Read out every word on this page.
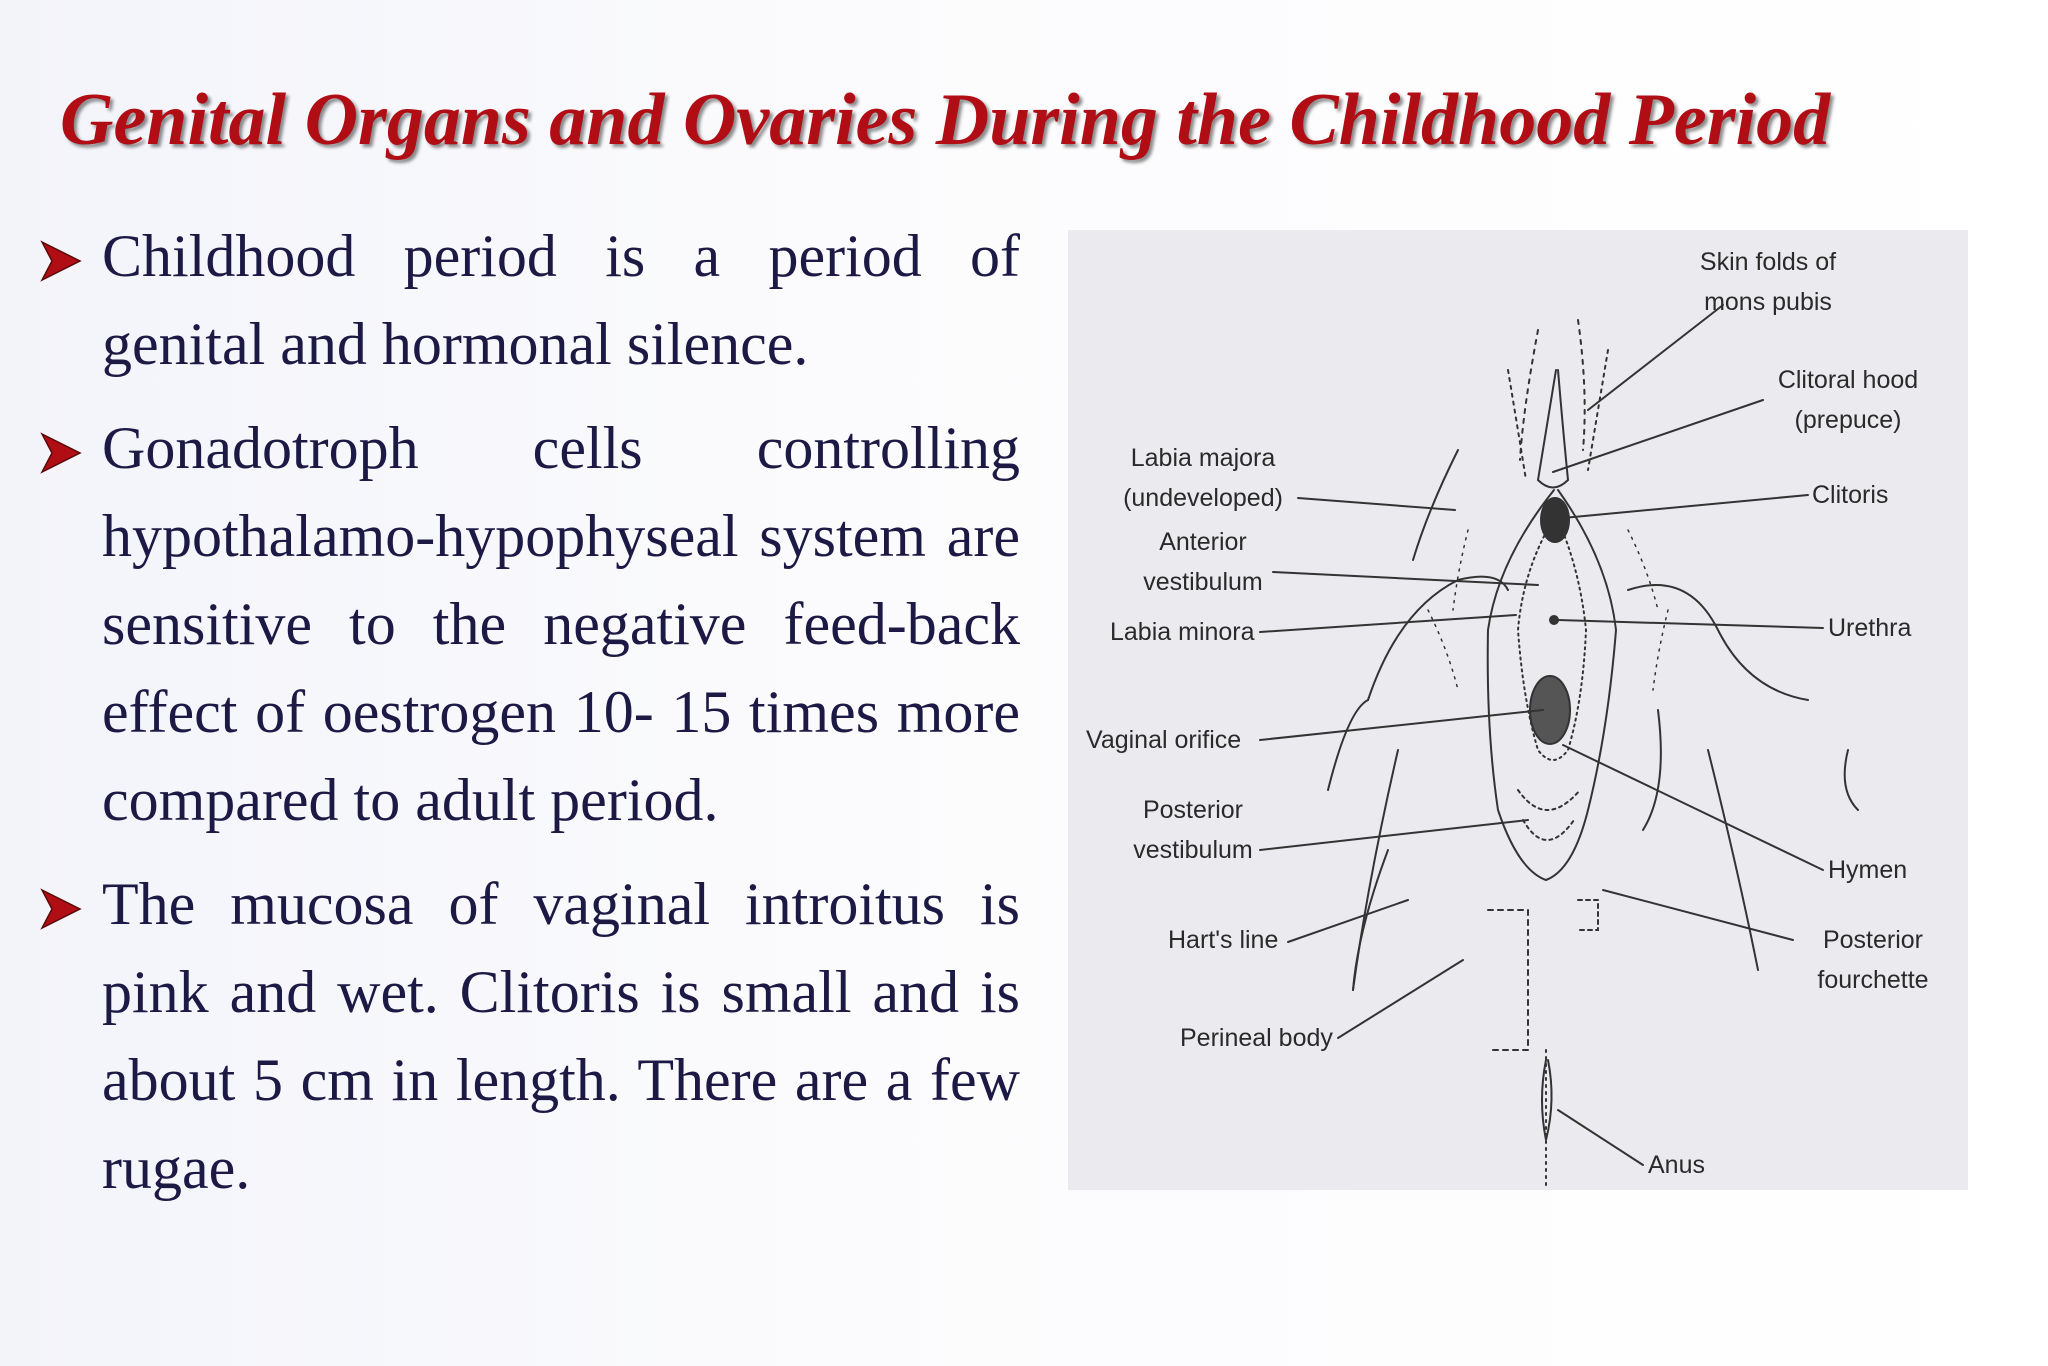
Genital Organs and Ovaries During the Childhood Period
Childhood period is a period of genital and hormonal silence.
Gonadotroph cells controlling hypothalamo-hypophyseal system are sensitive to the negative feed-back effect of oestrogen 10- 15 times more compared to adult period.
The mucosa of vaginal introitus is pink and wet. Clitoris is small and is about 5 cm in length. There are a few rugae.
Skin folds of
mons pubis
Clitoral hood
(prepuce)
Clitoris
Urethra
Hymen
Posterior
fourchette
Anus
Labia majora
(undeveloped)
Anterior
vestibulum
Labia minora
Vaginal orifice
Posterior
vestibulum
Hart's line
Perineal body
